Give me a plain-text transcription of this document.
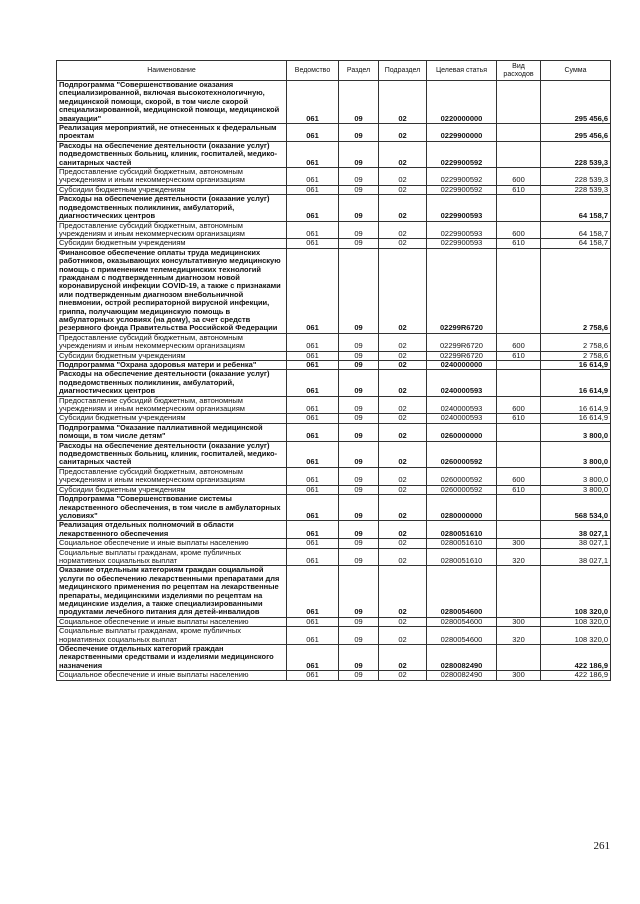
Наименование	Ведомство	Раздел	Подраздел	Целевая статья	Вид расходов	Сумма
Подпрограмма "Совершенствование оказания специализированной, включая высокотехнологичную, медицинской помощи, скорой, в том числе скорой специализированной, медицинской помощи, медицинской эвакуации"	061	09	02	0220000000		295 456,6
Реализация мероприятий, не отнесенных к федеральным проектам	061	09	02	0229900000		295 456,6
Расходы на обеспечение деятельности (оказание услуг) подведомственных больниц, клиник, госпиталей, медико-санитарных частей	061	09	02	0229900592		228 539,3
Предоставление субсидий бюджетным, автономным учреждениям и иным некоммерческим организациям	061	09	02	0229900592	600	228 539,3
Субсидии бюджетным учреждениям	061	09	02	0229900592	610	228 539,3
Расходы на обеспечение деятельности (оказание услуг) подведомственных поликлиник, амбулаторий, диагностических центров	061	09	02	0229900593		64 158,7
Предоставление субсидий бюджетным, автономным учреждениям и иным некоммерческим организациям	061	09	02	0229900593	600	64 158,7
Субсидии бюджетным учреждениям	061	09	02	0229900593	610	64 158,7
Финансовое обеспечение оплаты труда медицинских работников, оказывающих консультативную медицинскую помощь с применением телемедицинских технологий гражданам с подтвержденным диагнозом новой коронавирусной инфекции COVID-19, а также с признаками или подтвержденным диагнозом внебольничной пневмонии, острой респираторной вирусной инфекции, гриппа, получающим медицинскую помощь в амбулаторных условиях (на дому), за счет средств резервного фонда Правительства Российской Федерации	061	09	02	02299R6720		2 758,6
Предоставление субсидий бюджетным, автономным учреждениям и иным некоммерческим организациям	061	09	02	02299R6720	600	2 758,6
Субсидии бюджетным учреждениям	061	09	02	02299R6720	610	2 758,6
Подпрограмма "Охрана здоровья матери и ребенка"	061	09	02	0240000000		16 614,9
Расходы на обеспечение деятельности (оказание услуг) подведомственных поликлиник, амбулаторий, диагностических центров	061	09	02	0240000593		16 614,9
Предоставление субсидий бюджетным, автономным учреждениям и иным некоммерческим организациям	061	09	02	0240000593	600	16 614,9
Субсидии бюджетным учреждениям	061	09	02	0240000593	610	16 614,9
Подпрограмма "Оказание паллиативной медицинской помощи, в том числе детям"	061	09	02	0260000000		3 800,0
Расходы на обеспечение деятельности (оказание услуг) подведомственных больниц, клиник, госпиталей, медико-санитарных частей	061	09	02	0260000592		3 800,0
Предоставление субсидий бюджетным, автономным учреждениям и иным некоммерческим организациям	061	09	02	0260000592	600	3 800,0
Субсидии бюджетным учреждениям	061	09	02	0260000592	610	3 800,0
Подпрограмма "Совершенствование системы лекарственного обеспечения, в том числе в амбулаторных условиях"	061	09	02	0280000000		568 534,0
Реализация отдельных полномочий в области лекарственного обеспечения	061	09	02	0280051610		38 027,1
Социальное обеспечение и иные выплаты населению	061	09	02	0280051610	300	38 027,1
Социальные выплаты гражданам, кроме публичных нормативных социальных выплат	061	09	02	0280051610	320	38 027,1
Оказание отдельным категориям граждан социальной услуги по обеспечению лекарственными препаратами для медицинского применения по рецептам на лекарственные препараты, медицинскими изделиями по рецептам на медицинские изделия, а также специализированными продуктами лечебного питания для детей-инвалидов	061	09	02	0280054600		108 320,0
Социальное обеспечение и иные выплаты населению	061	09	02	0280054600	300	108 320,0
Социальные выплаты гражданам, кроме публичных нормативных социальных выплат	061	09	02	0280054600	320	108 320,0
Обеспечение отдельных категорий граждан лекарственными средствами и изделиями медицинского назначения	061	09	02	0280082490		422 186,9
Социальное обеспечение и иные выплаты населению	061	09	02	0280082490	300	422 186,9
261
